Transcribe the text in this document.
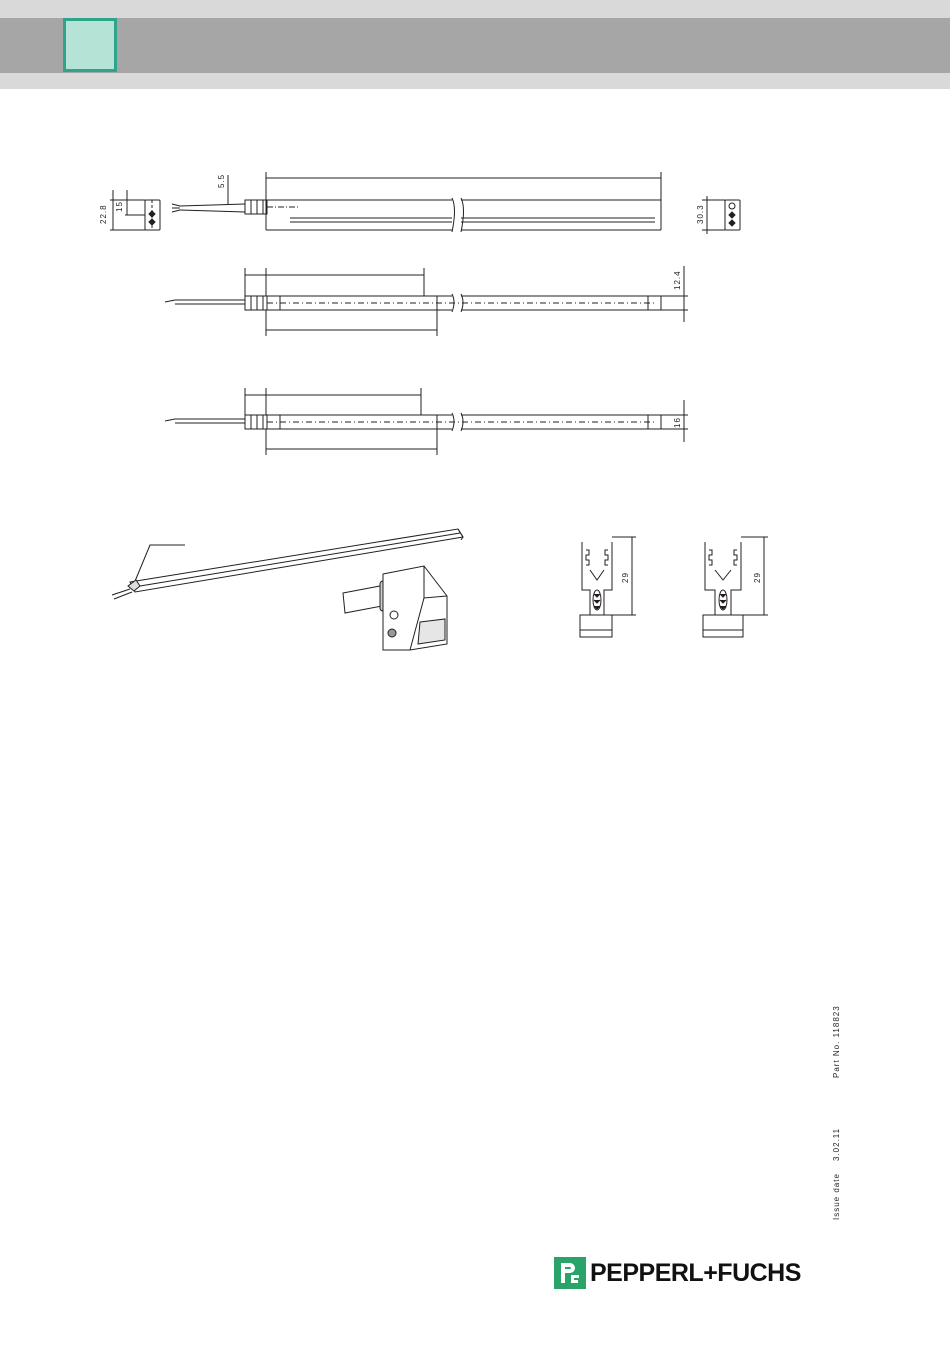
22.8 15
5.5
30.3
12.4
16
29	29
Part No. 118823
3.02.11
Issue date
PEPPERL+FUCHS
